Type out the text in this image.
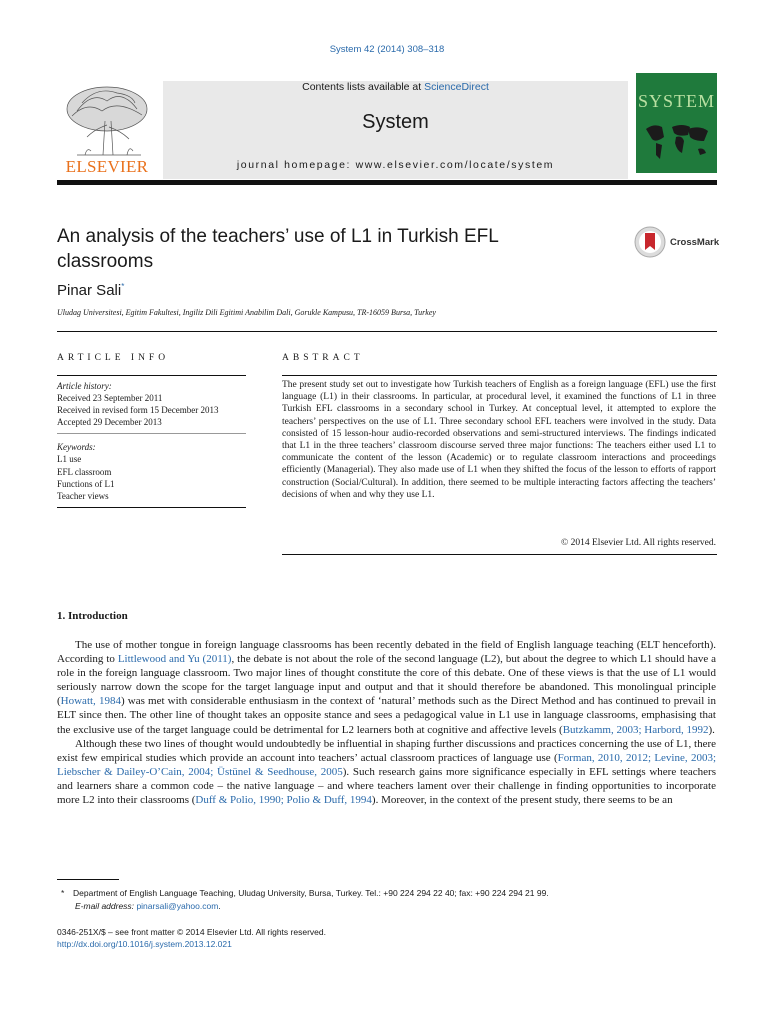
System 42 (2014) 308–318
ELSEVIER
Contents lists available at ScienceDirect
System
journal homepage: www.elsevier.com/locate/system
SYSTEM
An analysis of the teachers’ use of L1 in Turkish EFL classrooms
CrossMark
Pinar Sali*
Uludag Universitesi, Egitim Fakultesi, Ingiliz Dili Egitimi Anabilim Dali, Gorukle Kampusu, TR-16059 Bursa, Turkey
ARTICLE INFO	ABSTRACT
Article history:
Received 23 September 2011
Received in revised form 15 December 2013
Accepted 29 December 2013
Keywords:
L1 use
EFL classroom
Functions of L1
Teacher views
The present study set out to investigate how Turkish teachers of English as a foreign language (EFL) use the first language (L1) in their classrooms. In particular, at procedural level, it examined the functions of L1 in three Turkish EFL classrooms in a secondary school in Turkey. At conceptual level, it attempted to explore the teachers’ perspectives on the use of L1. Three secondary school EFL teachers were involved in the study. Data consisted of 15 lesson-hour audio-recorded observations and semi-structured interviews. The findings indicated that L1 in the three teachers’ classroom discourse served three major functions: The teachers either used L1 to communicate the content of the lesson (Academic) or to regulate classroom interactions and proceedings efficiently (Managerial). They also made use of L1 when they shifted the focus of the lesson to efforts of rapport construction (Social/Cultural). In addition, there seemed to be multiple interacting factors affecting the teachers’ decisions of when and why they use L1.
© 2014 Elsevier Ltd. All rights reserved.
1. Introduction

The use of mother tongue in foreign language classrooms has been recently debated in the field of English language teaching (ELT henceforth). According to Littlewood and Yu (2011), the debate is not about the role of the second language (L2), but about the degree to which L1 should have a role in the foreign language classroom. Two major lines of thought constitute the core of this debate. One of these views is that the use of L1 would seriously narrow down the scope for the target language input and output and that it should therefore be abandoned. This monolingual principle (Howatt, 1984) was met with considerable enthusiasm in the context of ‘natural’ methods such as the Direct Method and has continued to prevail in ELT since then. The other line of thought takes an opposite stance and sees a pedagogical value in L1 use in language classrooms, emphasising that the exclusive use of the target language could be detrimental for L2 learners both at cognitive and affective levels (Butzkamm, 2003; Harbord, 1992).

Although these two lines of thought would undoubtedly be influential in shaping further discussions and practices concerning the use of L1, there exist few empirical studies which provide an account into teachers’ actual classroom practices of language use (Forman, 2010, 2012; Levine, 2003; Liebscher & Dailey-O’Cain, 2004; Üstünel & Seedhouse, 2005). Such research gains more significance especially in EFL settings where teachers and learners share a common code – the native language – and where teachers lament over their challenge in finding opportunities to incorporate more L2 into their classrooms (Duff & Polio, 1990; Polio & Duff, 1994). Moreover, in the context of the present study, there seems to be an

* Department of English Language Teaching, Uludag University, Bursa, Turkey. Tel.: +90 224 294 22 40; fax: +90 224 294 21 99.
E-mail address: pinarsali@yahoo.com.
0346-251X/$ – see front matter © 2014 Elsevier Ltd. All rights reserved.
http://dx.doi.org/10.1016/j.system.2013.12.021
